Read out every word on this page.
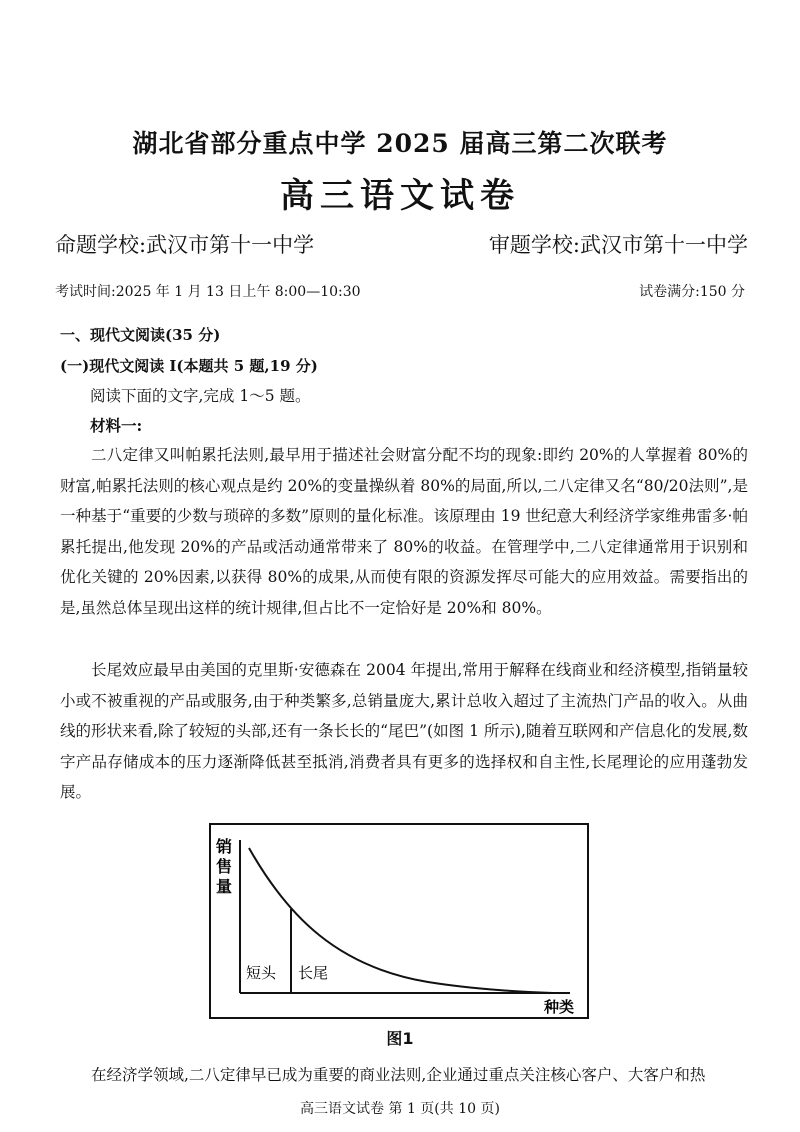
湖北省部分重点中学 2025 届高三第二次联考
高三语文试卷
命题学校:武汉市第十一中学	审题学校:武汉市第十一中学
考试时间:2025 年 1 月 13 日上午 8:00—10:30	试卷满分:150 分
一、现代文阅读(35 分)
(一)现代文阅读 I(本题共 5 题,19 分)
阅读下面的文字,完成 1～5 题。
材料一:
二八定律又叫帕累托法则,最早用于描述社会财富分配不均的现象:即约 20%的人掌握着 80%的财富,帕累托法则的核心观点是约 20%的变量操纵着 80%的局面,所以,二八定律又名“80/20法则”,是一种基于“重要的少数与琐碎的多数”原则的量化标准。该原理由 19 世纪意大利经济学家维弗雷多·帕累托提出,他发现 20%的产品或活动通常带来了 80%的收益。在管理学中,二八定律通常用于识别和优化关键的 20%因素,以获得 80%的成果,从而使有限的资源发挥尽可能大的应用效益。需要指出的是,虽然总体呈现出这样的统计规律,但占比不一定恰好是 20%和 80%。
长尾效应最早由美国的克里斯·安德森在 2004 年提出,常用于解释在线商业和经济模型,指销量较小或不被重视的产品或服务,由于种类繁多,总销量庞大,累计总收入超过了主流热门产品的收入。从曲线的形状来看,除了较短的头部,还有一条长长的“尾巴”(如图 1 所示),随着互联网和产信息化的发展,数字产品存储成本的压力逐渐降低甚至抵消,消费者具有更多的选择权和自主性,长尾理论的应用蓬勃发展。
销
售
量
短头 长尾
种类
图1
在经济学领域,二八定律早已成为重要的商业法则,企业通过重点关注核心客户、大客户和热
高三语文试卷 第 1 页(共 10 页)
